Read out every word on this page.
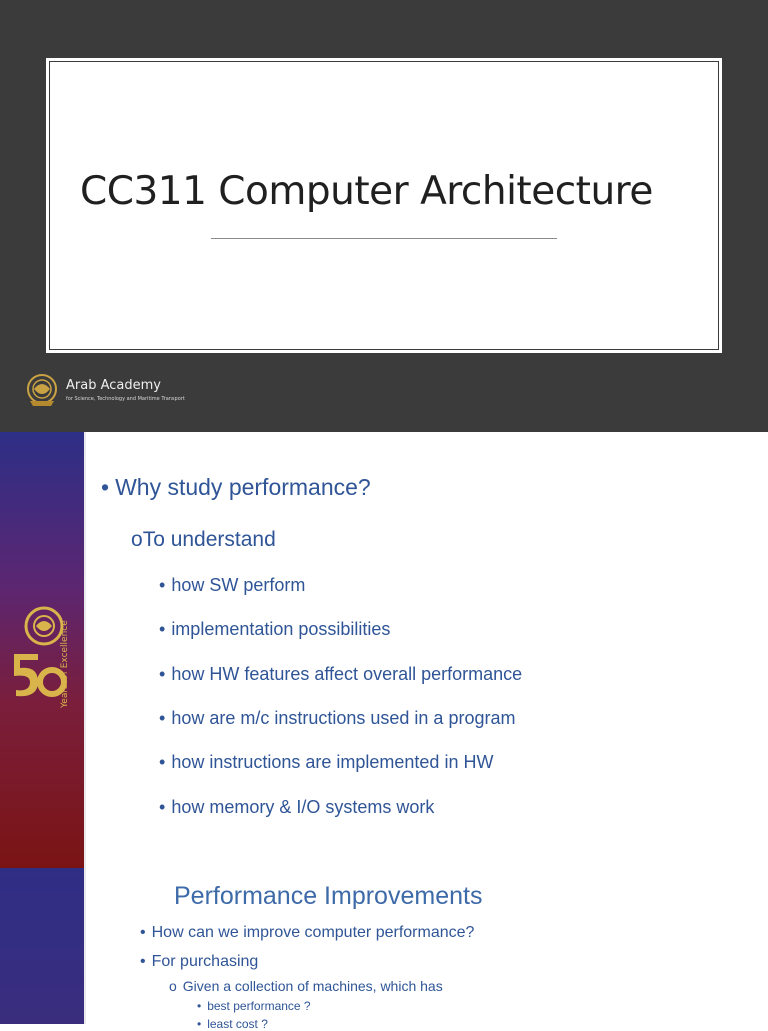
CC311 Computer Architecture
Arab Academy
for Science, Technology and Maritime Transport
Years Of Excellence
• Why study performance?
oTo understand
• how SW perform
• implementation possibilities
• how HW features affect overall performance
• how are m/c instructions used in a program
• how instructions are implemented in HW
• how memory & I/O systems work
Performance Improvements
• How can we improve computer performance?
• For purchasing
o Given a collection of machines, which has
• best performance ?
• least cost ?
